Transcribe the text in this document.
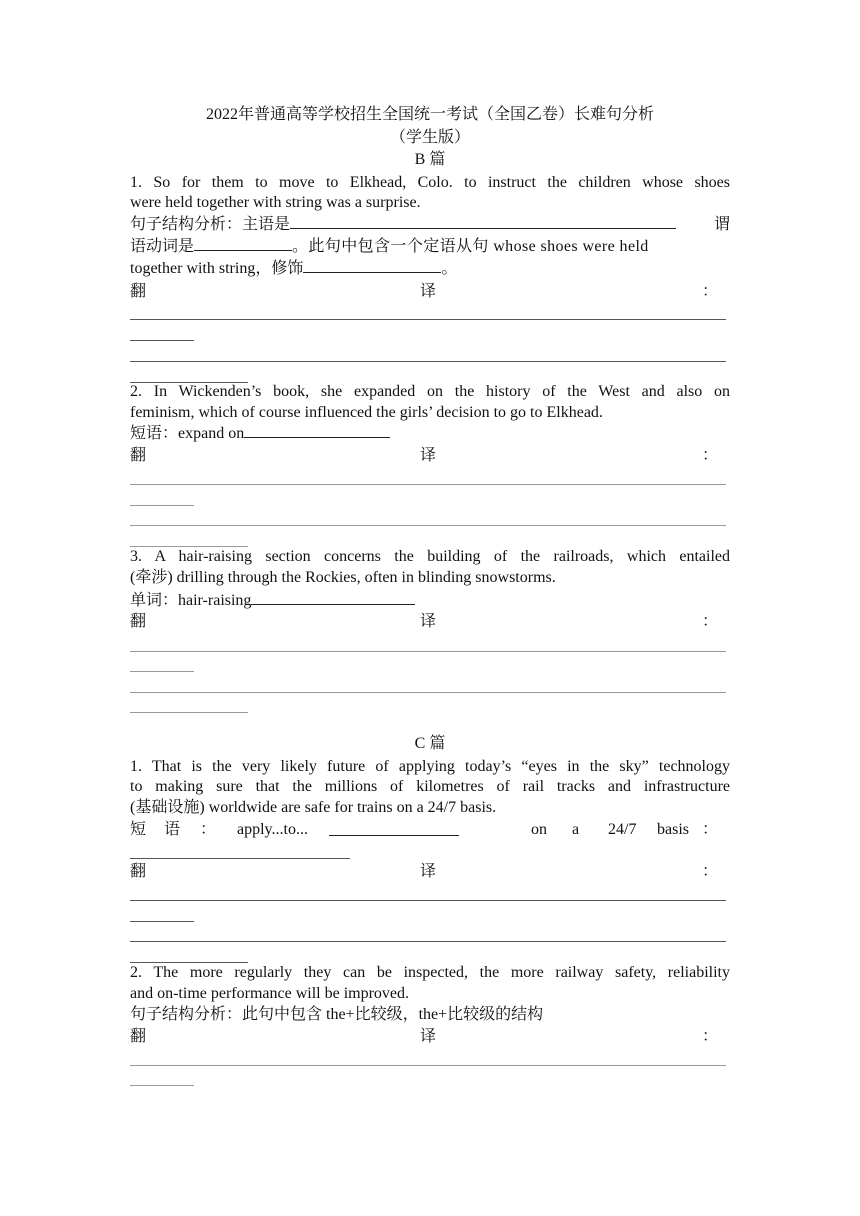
2022年普通高等学校招生全国统一考试（全国乙卷）长难句分析
（学生版）
B 篇
1. So for them to move to Elkhead, Colo. to instruct the children whose shoes
were held together with string was a surprise.
句子结构分析：主语是	谓
语动词是	。此句中包含一个定语从句 whose shoes were held
together with string，修饰	。
翻	译	：
2. In Wickenden’s book, she expanded on the history of the West and also on
feminism, which of course influenced the girls’ decision to go to Elkhead.
短语：expand on
翻	译	：
3. A hair-raising section concerns the building of the railroads, which entailed
(牵涉) drilling through the Rockies, often in blinding snowstorms.
单词：hair-raising
翻	译	：
C 篇
1. That is the very likely future of applying today’s “eyes in the sky” technology
to making sure that the millions of kilometres of rail tracks and infrastructure
(基础设施) worldwide are safe for trains on a 24/7 basis.
短 语 ： apply...to...	on a 24/7 basis ：
翻	译	：
2. The more regularly they can be inspected, the more railway safety, reliability
and on-time performance will be improved.
句子结构分析：此句中包含 the+比较级，the+比较级的结构
翻	译	：
